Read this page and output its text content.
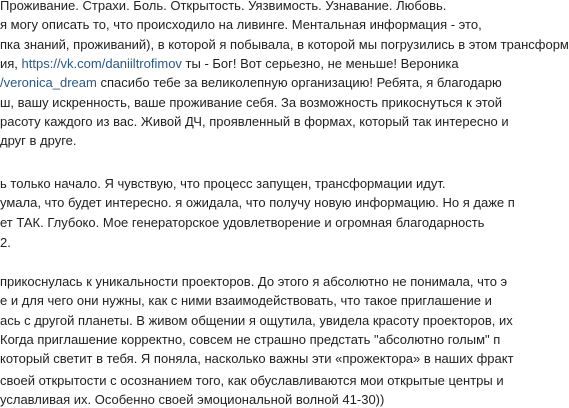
Проживание. Страхи. Боль. Открытость. Уязвимость. Узнавание. Любовь.
я могу описать то, что происходило на ливинге. Ментальная информация - это,
пка знаний, проживаний), в которой я побывала, в которой мы погрузились в этом трансформ
ия, https://vk.com/daniiltrofimov ты - Бог! Вот серьезно, не меньше! Вероника
/veronica_dream спасибо тебе за великолепную организацию! Ребята, я благодарю
ш, вашу искренность, ваше проживание себя. За возможность прикоснуться к этой
расоту каждого из вас. Живой ДЧ, проявленный в формах, который так интересно и
друг в друге.
ь только начало. Я чувствую, что процесс запущен, трансформации идут.
умала, что будет интересно. я ожидала, что получу новую информацию. Но я даже п
ет ТАК. Глубоко. Мое генераторское удовлетворение и огромная благодарность
2.
прикоснулась к уникальности проекторов. До этого я абсолютно не понимала, что э
е и для чего они нужны, как с ними взаимодействовать, что такое приглашение и
ась с другой планеты. В живом общении я ощутила, увидела красоту проекторов, их
Когда приглашение корректно, совсем не страшно предстать "абсолютно голым" п
который светит в тебя. Я поняла, насколько важны эти «прожектора» в наших фракт
своей открытости с осознанием того, как обуславливаются мои открытые центры и
уславливая их. Особенно своей эмоциональной волной 41-30))
